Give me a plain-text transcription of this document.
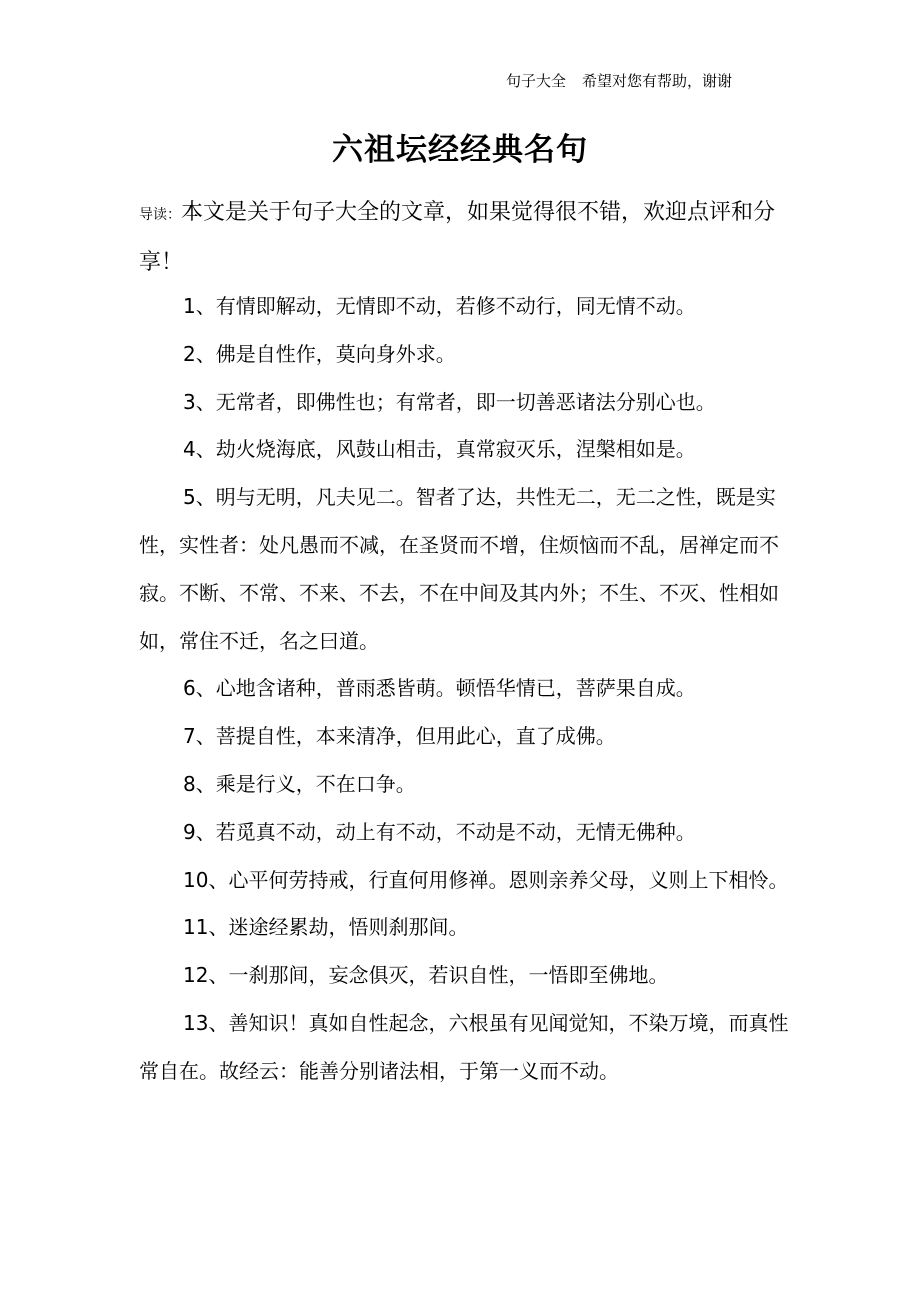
句子大全 希望对您有帮助，谢谢
六祖坛经经典名句
导读：本文是关于句子大全的文章，如果觉得很不错，欢迎点评和分享！

1、有情即解动，无情即不动，若修不动行，同无情不动。

2、佛是自性作，莫向身外求。

3、无常者，即佛性也；有常者，即一切善恶诸法分别心也。

4、劫火烧海底，风鼓山相击，真常寂灭乐，涅槃相如是。

5、明与无明，凡夫见二。智者了达，共性无二，无二之性，既是实性，实性者：处凡愚而不减，在圣贤而不增，住烦恼而不乱，居禅定而不寂。不断、不常、不来、不去，不在中间及其内外；不生、不灭、性相如如，常住不迁，名之曰道。

6、心地含诸种，普雨悉皆萌。顿悟华情已，菩萨果自成。

7、菩提自性，本来清净，但用此心，直了成佛。

8、乘是行义，不在口争。

9、若觅真不动，动上有不动，不动是不动，无情无佛种。

10、心平何劳持戒，行直何用修禅。恩则亲养父母，义则上下相怜。

11、迷途经累劫，悟则刹那间。

12、一刹那间，妄念俱灭，若识自性，一悟即至佛地。

13、善知识！真如自性起念，六根虽有见闻觉知，不染万境，而真性常自在。故经云：能善分别诸法相，于第一义而不动。
